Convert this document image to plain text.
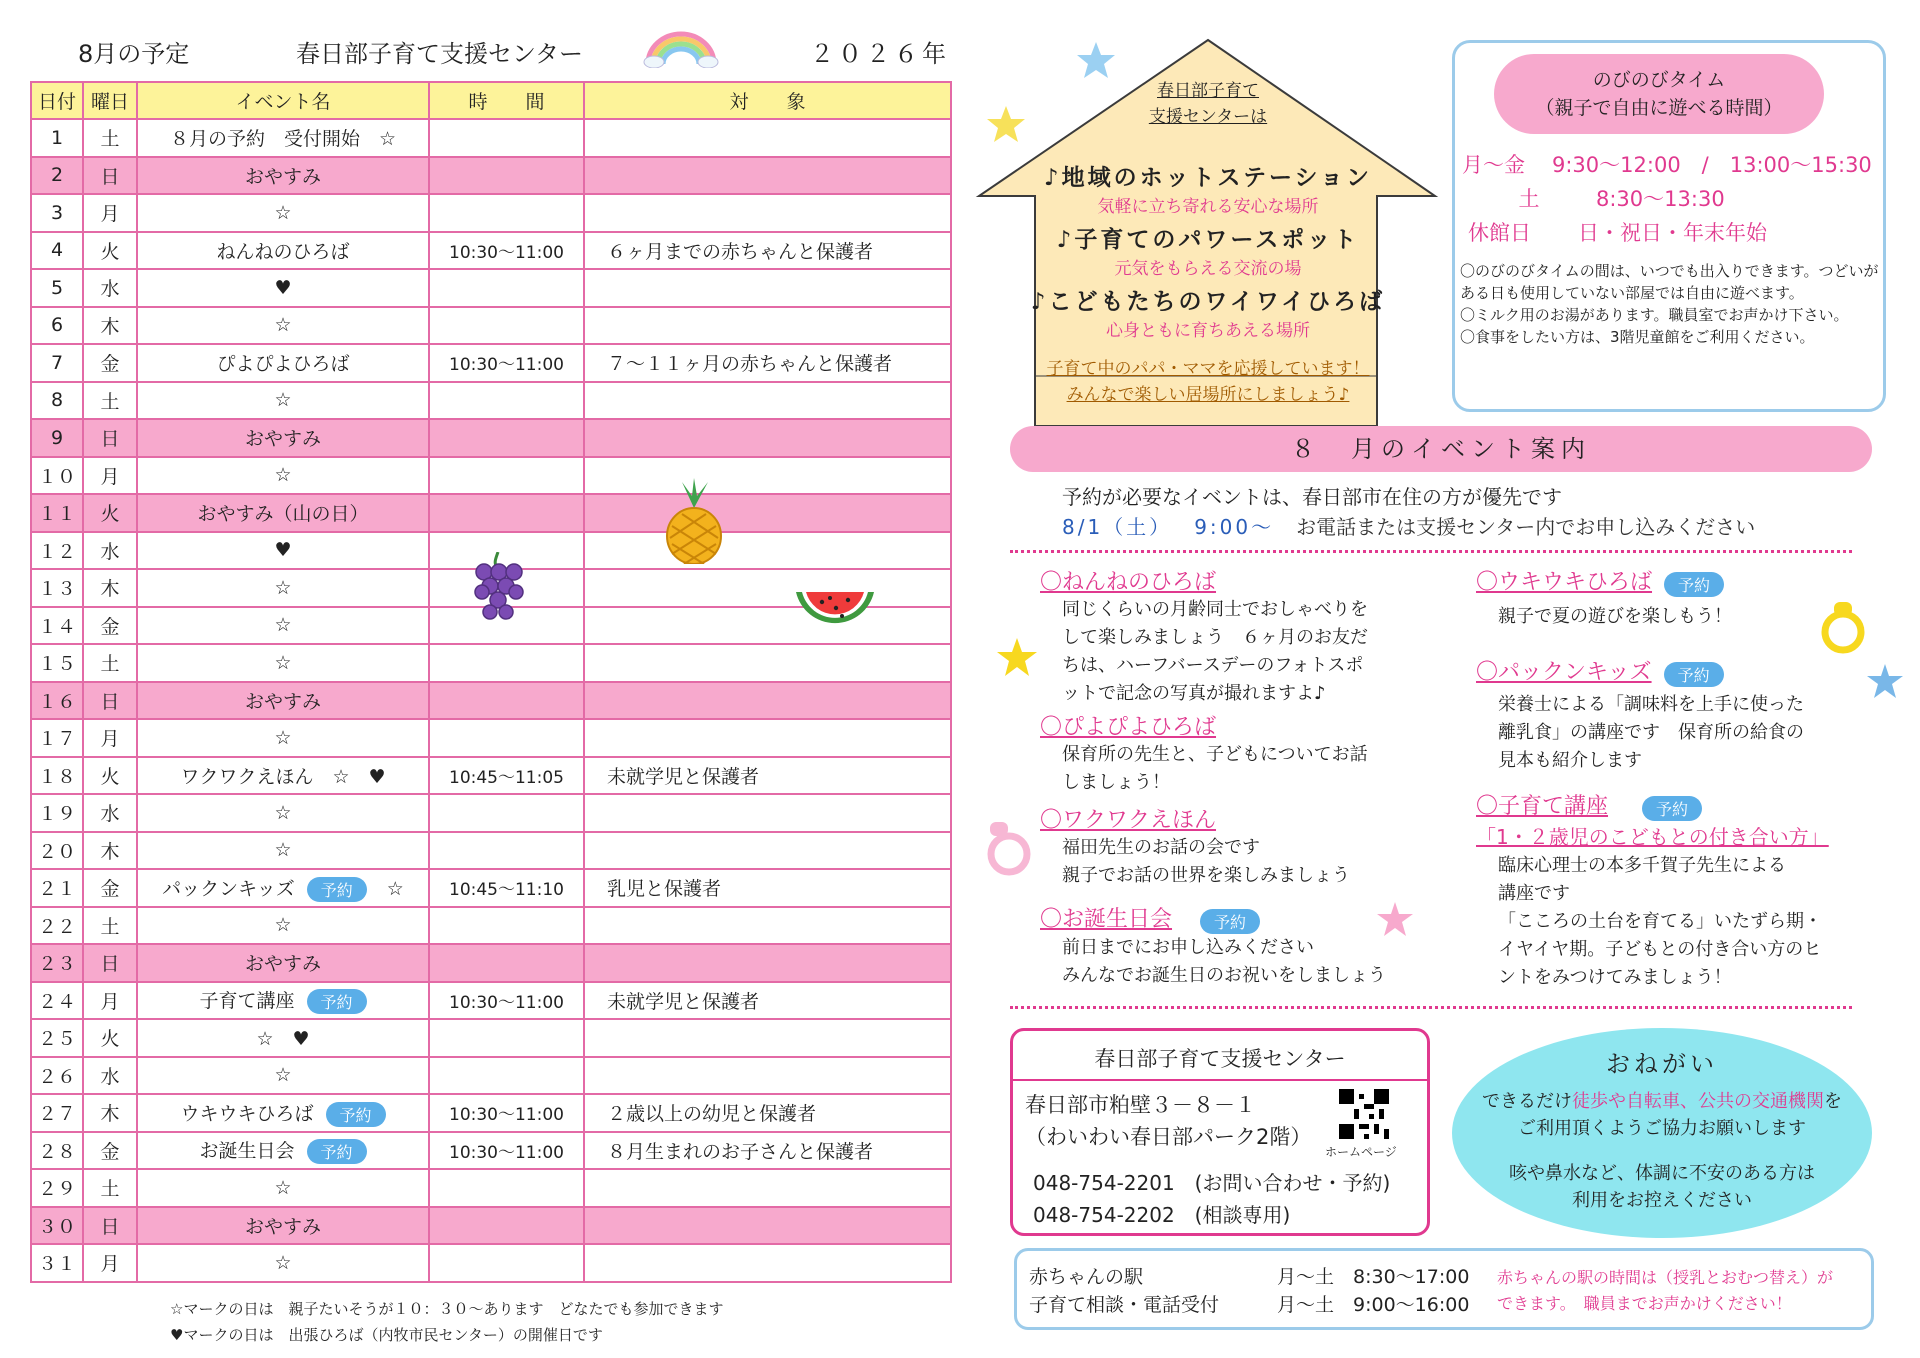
8月の予定	春日部子育て支援センター	２０２６年
日付	曜日	イベント名	時　　間	対　　象
1	土	８月の予約　受付開始　☆		
2	日	おやすみ		
3	月	☆		
4	火	ねんねのひろば	10:30〜11:00	６ヶ月までの赤ちゃんと保護者
5	水	♥		
6	木	☆		
7	金	ぴよぴよひろば	10:30〜11:00	７〜１１ヶ月の赤ちゃんと保護者
8	土	☆		
9	日	おやすみ		
１０	月	☆		
１１	火	おやすみ（山の日）		
１２	水	♥		
１３	木	☆		
１４	金	☆		
１５	土	☆		
１６	日	おやすみ		
１７	月	☆		
１８	火	ワクワクえほん　☆　♥	10:45〜11:05	未就学児と保護者
１９	水	☆		
２０	木	☆		
２１	金	パックンキッズ 予約 ☆	10:45〜11:10	乳児と保護者
２２	土	☆		
２３	日	おやすみ		
２４	月	子育て講座 予約	10:30〜11:00	未就学児と保護者
２５	火	☆　♥		
２６	水	☆		
２７	木	ウキウキひろば 予約	10:30〜11:00	２歳以上の幼児と保護者
２８	金	お誕生日会 予約	10:30〜11:00	８月生まれのお子さんと保護者
２９	土	☆		
３０	日	おやすみ		
３１	月	☆		
☆マークの日は　親子たいそうが１０：３０〜あります　どなたでも参加できます
♥マークの日は　出張ひろば（内牧市民センター）の開催日です
春日部子育て
支援センターは
♪地域のホットステーション
気軽に立ち寄れる安心な場所
♪子育てのパワースポット
元気をもらえる交流の場
♪こどもたちのワイワイひろば
心身ともに育ちあえる場所
子育て中のパパ・ママを応援しています！
みんなで楽しい居場所にしましょう♪
のびのびタイム
（親子で自由に遊べる時間）
月〜金 9:30〜12:00　/　13:00〜15:30
土	8:30〜13:30
休館日 日・祝日・年末年始
〇のびのびタイムの間は、いつでも出入りできます。つどいがある日も使用していない部屋では自由に遊べます。
〇ミルク用のお湯があります。職員室でお声かけ下さい。
〇食事をしたい方は、3階児童館をご利用ください。
８　月のイベント案内
予約が必要なイベントは、春日部市在住の方が優先です
8/1（土） 9:00〜 お電話または支援センター内でお申し込みください
〇ねんねのひろば
同じくらいの月齢同士でおしゃべりを
して楽しみましょう　６ヶ月のお友だ
ちは、ハーフバースデーのフォトスポ
ットで記念の写真が撮れますよ♪
〇ぴよぴよひろば
保育所の先生と、子どもについてお話
しましょう！
〇ワクワクえほん
福田先生のお話の会です
親子でお話の世界を楽しみましょう
〇お誕生日会	予約
前日までにお申し込みください
みんなでお誕生日のお祝いをしましょう
〇ウキウキひろば 予約
親子で夏の遊びを楽しもう！
〇パックンキッズ 予約
栄養士による「調味料を上手に使った
離乳食」の講座です　保育所の給食の
見本も紹介します
〇子育て講座	予約
「1・２歳児のこどもとの付き合い方」
臨床心理士の本多千賀子先生による
講座です
「こころの土台を育てる」いたずら期・
イヤイヤ期。子どもとの付き合い方のヒ
ントをみつけてみましょう！
春日部子育て支援センター
春日部市粕壁３－８－１
（わいわい春日部パーク2階）
ホームページ
048-754-2201　(お問い合わせ・予約)
048-754-2202　(相談専用)
おねがい
できるだけ徒歩や自転車、公共の交通機関を
ご利用頂くようご協力お願いします
咳や鼻水など、体調に不安のある方は
利用をお控えください
赤ちゃんの駅
子育て相談・電話受付
月〜土　8:30〜17:00
月〜土　9:00〜16:00
赤ちゃんの駅の時間は（授乳とおむつ替え）が
できます。　職員までお声かけください！
